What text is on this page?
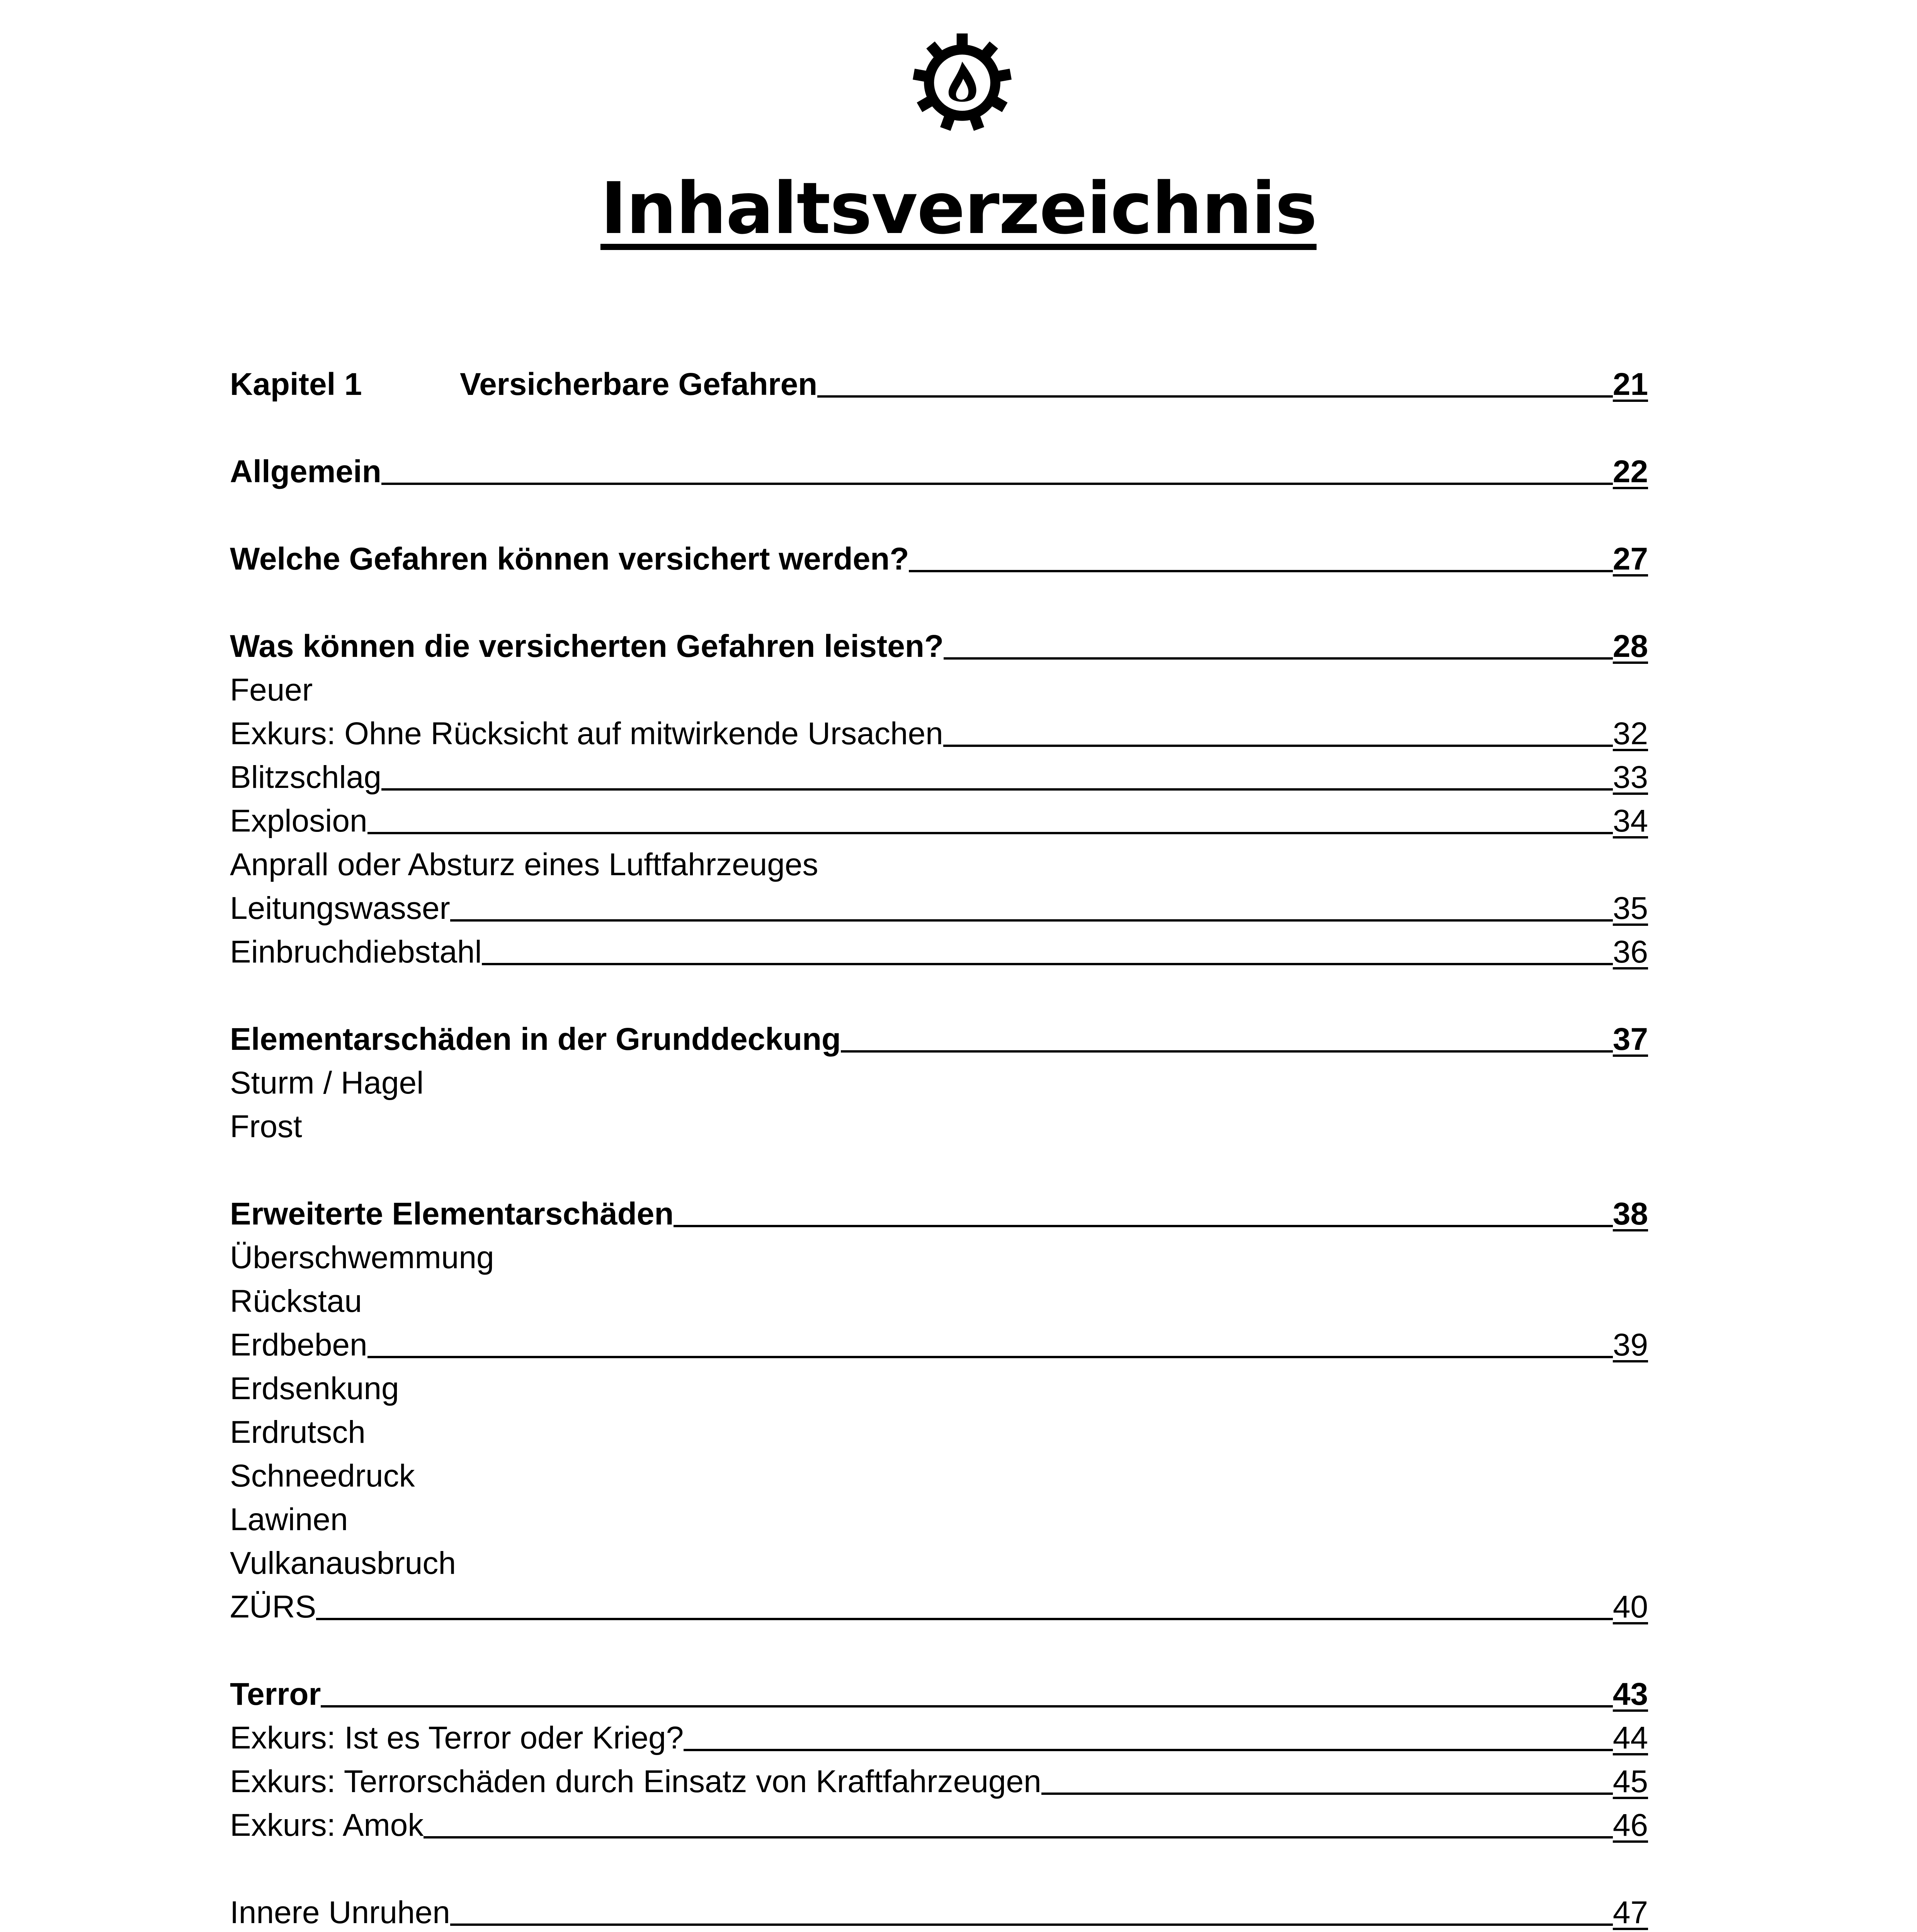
Inhaltsverzeichnis
Kapitel 1	Versicherbare Gefahren	21
Allgemein	22
Welche Gefahren können versichert werden?	27
Was können die versicherten Gefahren leisten?	28
Feuer
Exkurs: Ohne Rücksicht auf mitwirkende Ursachen	32
Blitzschlag	33
Explosion	34
Anprall oder Absturz eines Luftfahrzeuges
Leitungswasser	35
Einbruchdiebstahl	36
Elementarschäden in der Grunddeckung	37
Sturm / Hagel
Frost
Erweiterte Elementarschäden	38
Überschwemmung
Rückstau
Erdbeben	39
Erdsenkung
Erdrutsch
Schneedruck
Lawinen
Vulkanausbruch
ZÜRS	40
Terror	43
Exkurs: Ist es Terror oder Krieg?	44
Exkurs: Terrorschäden durch Einsatz von Kraftfahrzeugen	45
Exkurs: Amok	46
Innere Unruhen	47
